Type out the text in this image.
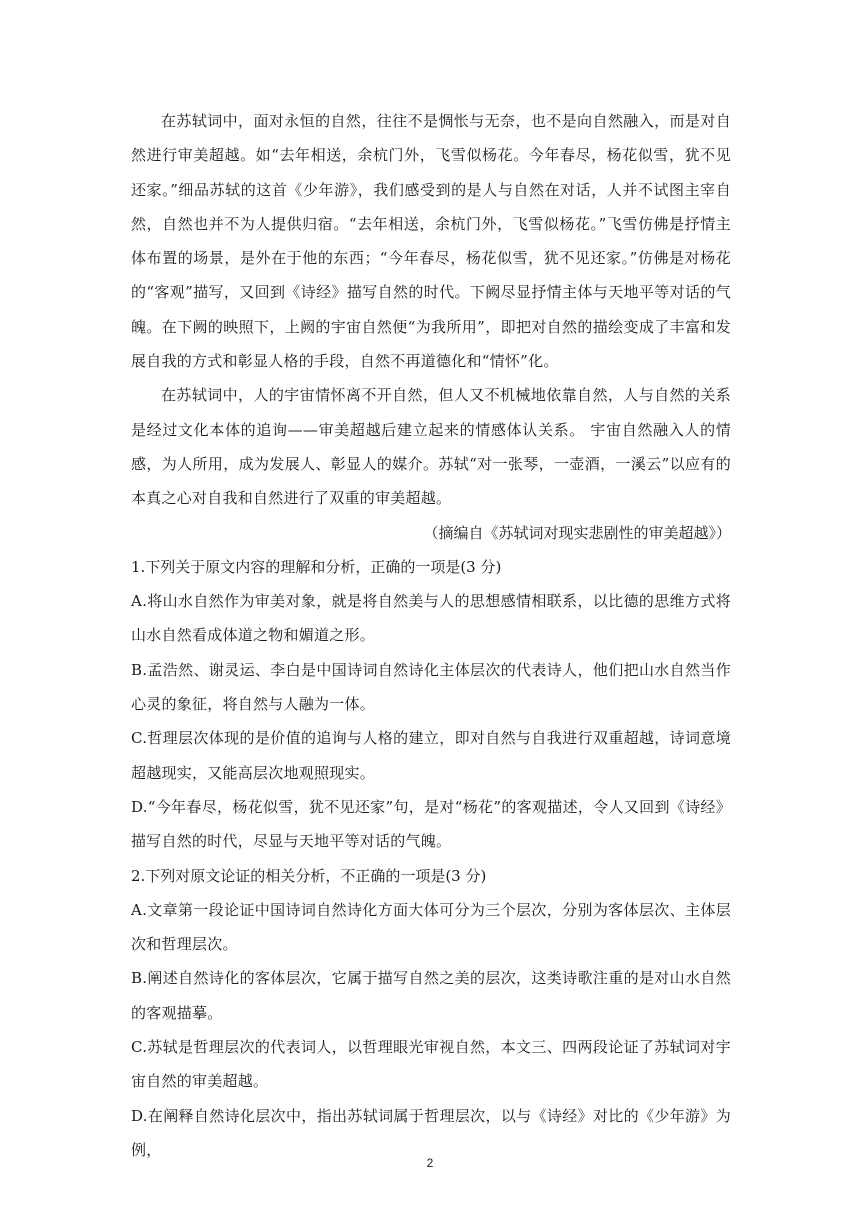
在苏轼词中，面对永恒的自然，往往不是惆怅与无奈，也不是向自然融入，而是对自然进行审美超越。如“去年相送，余杭门外，飞雪似杨花。今年春尽，杨花似雪，犹不见还家。”细品苏轼的这首《少年游》，我们感受到的是人与自然在对话，人并不试图主宰自然，自然也并不为人提供归宿。“去年相送，余杭门外，飞雪似杨花。”飞雪仿佛是抒情主体布置的场景，是外在于他的东西；“今年春尽，杨花似雪，犹不见还家。”仿佛是对杨花的“客观”描写，又回到《诗经》描写自然的时代。下阙尽显抒情主体与天地平等对话的气魄。在下阙的映照下，上阙的宇宙自然便“为我所用”，即把对自然的描绘变成了丰富和发展自我的方式和彰显人格的手段，自然不再道德化和“情怀”化。

在苏轼词中，人的宇宙情怀离不开自然，但人又不机械地依靠自然，人与自然的关系是经过文化本体的追询——审美超越后建立起来的情感体认关系。 宇宙自然融入人的情感，为人所用，成为发展人、彰显人的媒介。苏轼“对一张琴，一壶酒，一溪云”以应有的本真之心对自我和自然进行了双重的审美超越。

（摘编自《苏轼词对现实悲剧性的审美超越》）

1.下列关于原文内容的理解和分析，正确的一项是(3 分)

A.将山水自然作为审美对象，就是将自然美与人的思想感情相联系，以比德的思维方式将山水自然看成体道之物和媚道之形。

B.孟浩然、谢灵运、李白是中国诗词自然诗化主体层次的代表诗人，他们把山水自然当作心灵的象征，将自然与人融为一体。

C.哲理层次体现的是价值的追询与人格的建立，即对自然与自我进行双重超越，诗词意境超越现实，又能高层次地观照现实。

D.“今年春尽，杨花似雪，犹不见还家”句，是对“杨花”的客观描述，令人又回到《诗经》描写自然的时代，尽显与天地平等对话的气魄。

2.下列对原文论证的相关分析，不正确的一项是(3 分)

A.文章第一段论证中国诗词自然诗化方面大体可分为三个层次，分别为客体层次、主体层次和哲理层次。

B.阐述自然诗化的客体层次，它属于描写自然之美的层次，这类诗歌注重的是对山水自然的客观描摹。

C.苏轼是哲理层次的代表词人，以哲理眼光审视自然，本文三、四两段论证了苏轼词对宇宙自然的审美超越。

D.在阐释自然诗化层次中，指出苏轼词属于哲理层次，以与《诗经》对比的《少年游》为例，

2
